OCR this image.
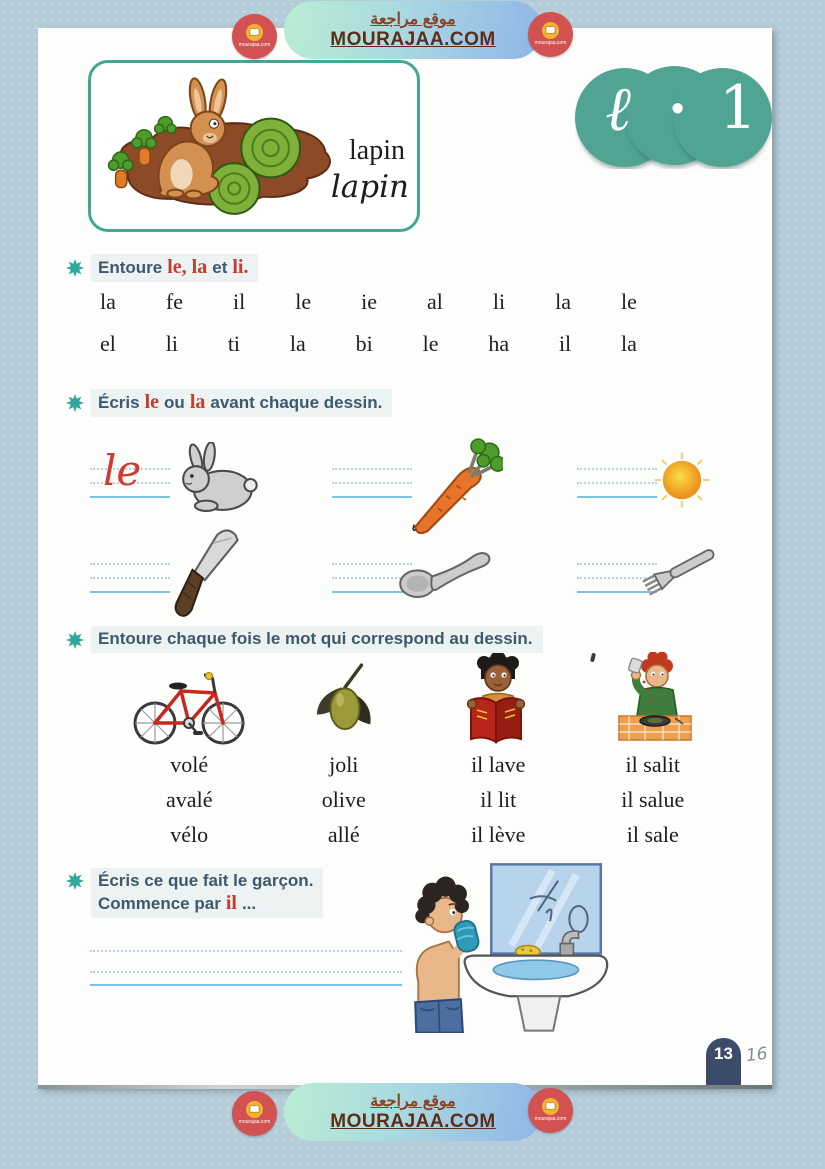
موقع مراجعة
MOURAJAA.COM
mourajaa.com	mourajaa.com
ℓ • 1
lapin
lapin
Entoure le, la et li.
la fe il le ie al li la le
el li ti la bi le ha il la
Écris le ou la avant chaque dessin.
le
Entoure chaque fois le mot qui correspond au dessin.
volé
avalé
vélo
joli
olive
allé
il lave
il lit
il lève
il salit
il salue
il sale
Écris ce que fait le garçon.
Commence par il ...
13 16
موقع مراجعة
MOURAJAA.COM
mourajaa.com	mourajaa.com
